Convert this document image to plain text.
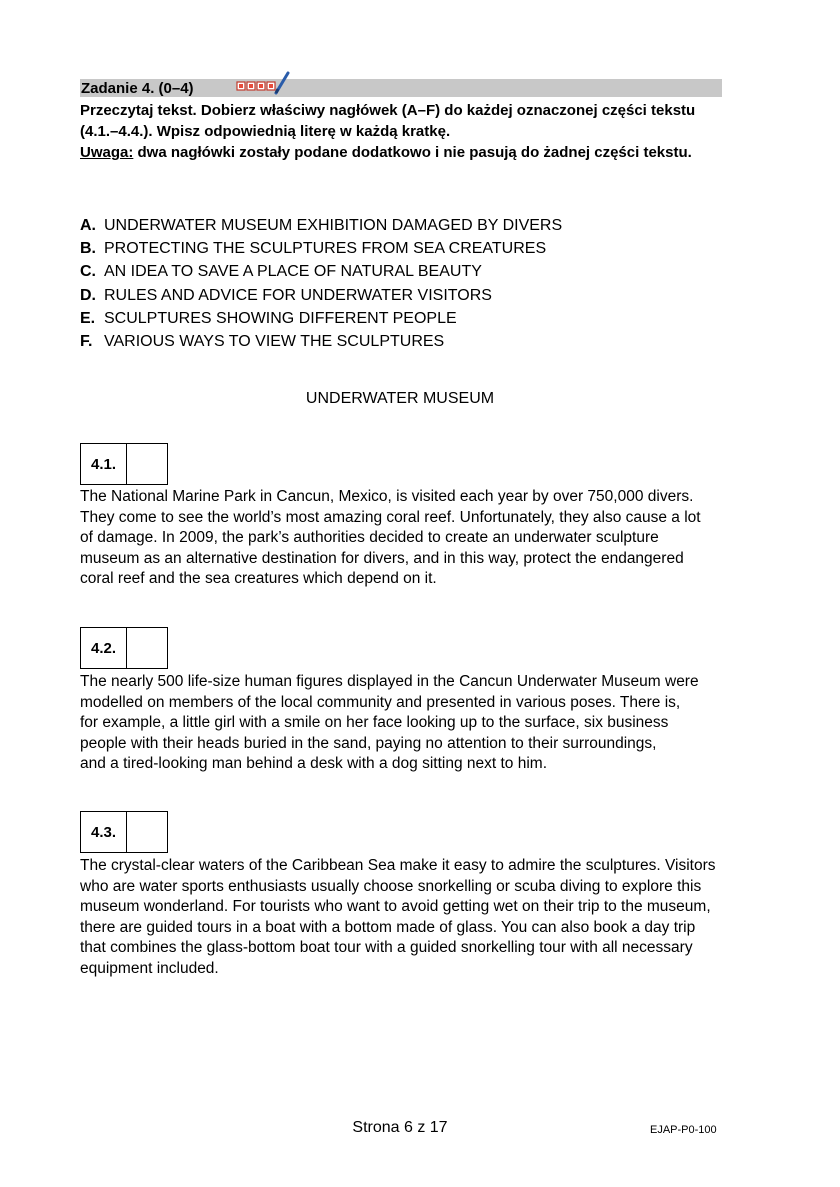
Zadanie 4. (0–4)

Przeczytaj tekst. Dobierz właściwy nagłówek (A–F) do każdej oznaczonej części tekstu

(4.1.–4.4.). Wpisz odpowiednią literę w każdą kratkę.

Uwaga: dwa nagłówki zostały podane dodatkowo i nie pasują do żadnej części tekstu.

A. UNDERWATER MUSEUM EXHIBITION DAMAGED BY DIVERS
B. PROTECTING THE SCULPTURES FROM SEA CREATURES
C. AN IDEA TO SAVE A PLACE OF NATURAL BEAUTY
D. RULES AND ADVICE FOR UNDERWATER VISITORS
E. SCULPTURES SHOWING DIFFERENT PEOPLE
F. VARIOUS WAYS TO VIEW THE SCULPTURES
UNDERWATER MUSEUM
4.1.
The National Marine Park in Cancun, Mexico, is visited each year by over 750,000 divers.
They come to see the world’s most amazing coral reef. Unfortunately, they also cause a lot
of damage. In 2009, the park’s authorities decided to create an underwater sculpture
museum as an alternative destination for divers, and in this way, protect the endangered
coral reef and the sea creatures which depend on it.
4.2.
The nearly 500 life-size human figures displayed in the Cancun Underwater Museum were
modelled on members of the local community and presented in various poses. There is,
for example, a little girl with a smile on her face looking up to the surface, six business
people with their heads buried in the sand, paying no attention to their surroundings,
and a tired-looking man behind a desk with a dog sitting next to him.
4.3.
The crystal-clear waters of the Caribbean Sea make it easy to admire the sculptures. Visitors
who are water sports enthusiasts usually choose snorkelling or scuba diving to explore this
museum wonderland. For tourists who want to avoid getting wet on their trip to the museum,
there are guided tours in a boat with a bottom made of glass. You can also book a day trip
that combines the glass-bottom boat tour with a guided snorkelling tour with all necessary
equipment included.
Strona 6 z 17	EJAP-P0-100
